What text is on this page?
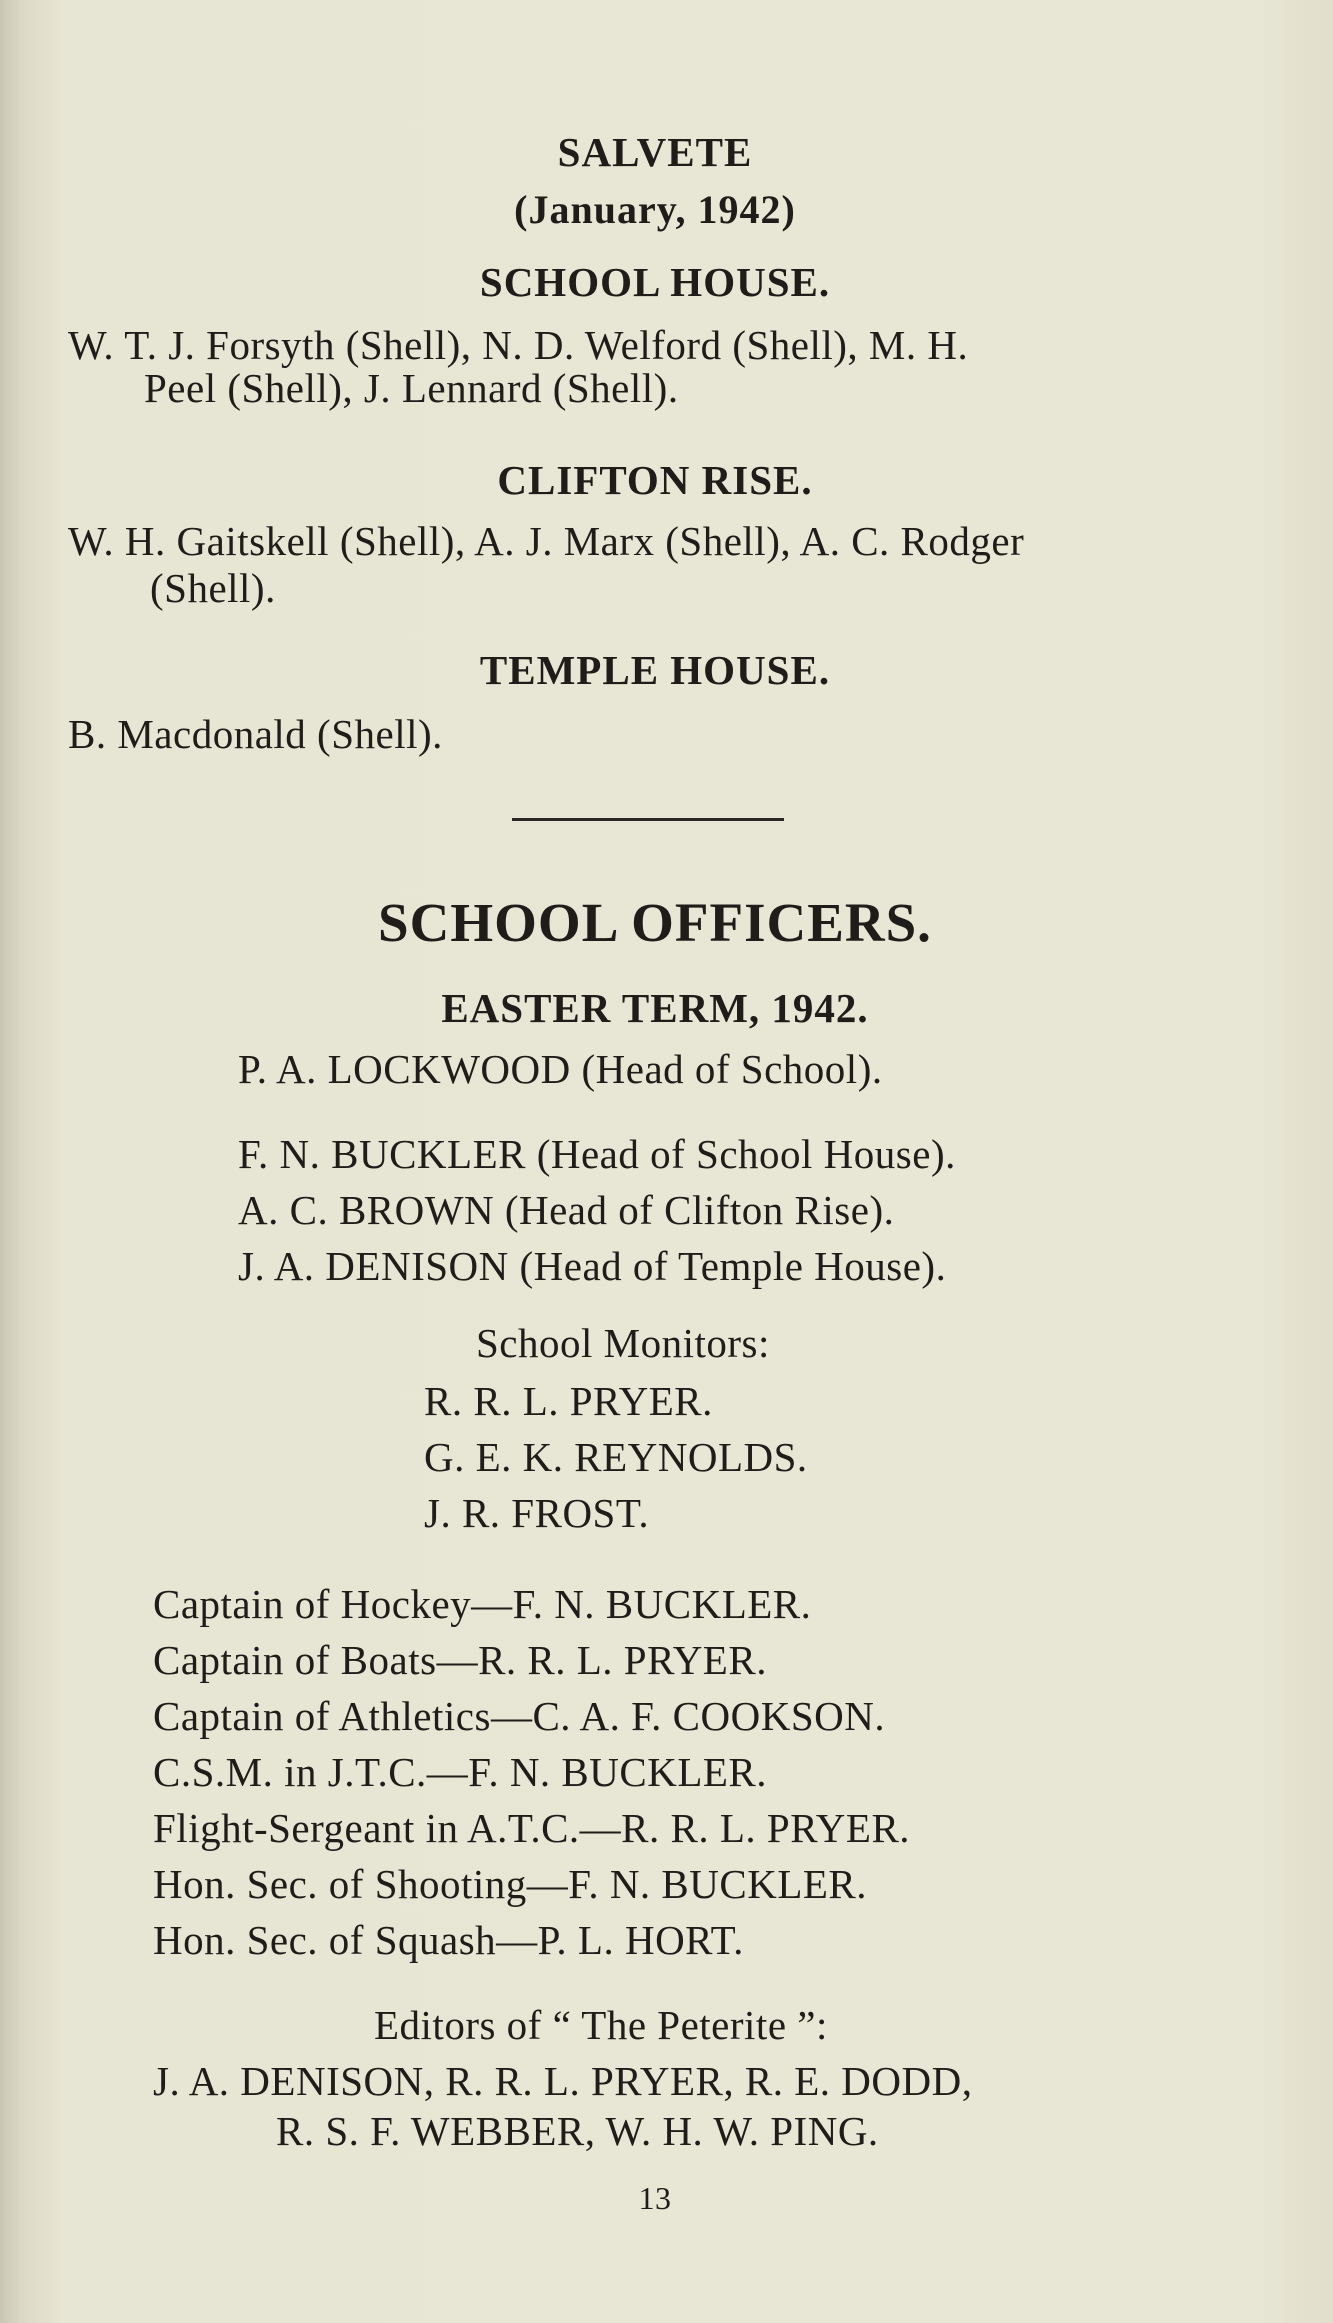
SALVETE
(January, 1942)
SCHOOL HOUSE.
W. T. J. Forsyth (Shell), N. D. Welford (Shell), M. H.
Peel (Shell), J. Lennard (Shell).
CLIFTON RISE.
W. H. Gaitskell (Shell), A. J. Marx (Shell), A. C. Rodger
(Shell).
TEMPLE HOUSE.
B. Macdonald (Shell).
SCHOOL OFFICERS.
EASTER TERM, 1942.
P. A. LOCKWOOD (Head of School).
F. N. BUCKLER (Head of School House).
A. C. BROWN (Head of Clifton Rise).
J. A. DENISON (Head of Temple House).
School Monitors:
R. R. L. PRYER.
G. E. K. REYNOLDS.
J. R. FROST.
Captain of Hockey—F. N. BUCKLER.
Captain of Boats—R. R. L. PRYER.
Captain of Athletics—C. A. F. COOKSON.
C.S.M. in J.T.C.—F. N. BUCKLER.
Flight-Sergeant in A.T.C.—R. R. L. PRYER.
Hon. Sec. of Shooting—F. N. BUCKLER.
Hon. Sec. of Squash—P. L. HORT.
Editors of “ The Peterite ”:
J. A. DENISON, R. R. L. PRYER, R. E. DODD,
R. S. F. WEBBER, W. H. W. PING.
13
